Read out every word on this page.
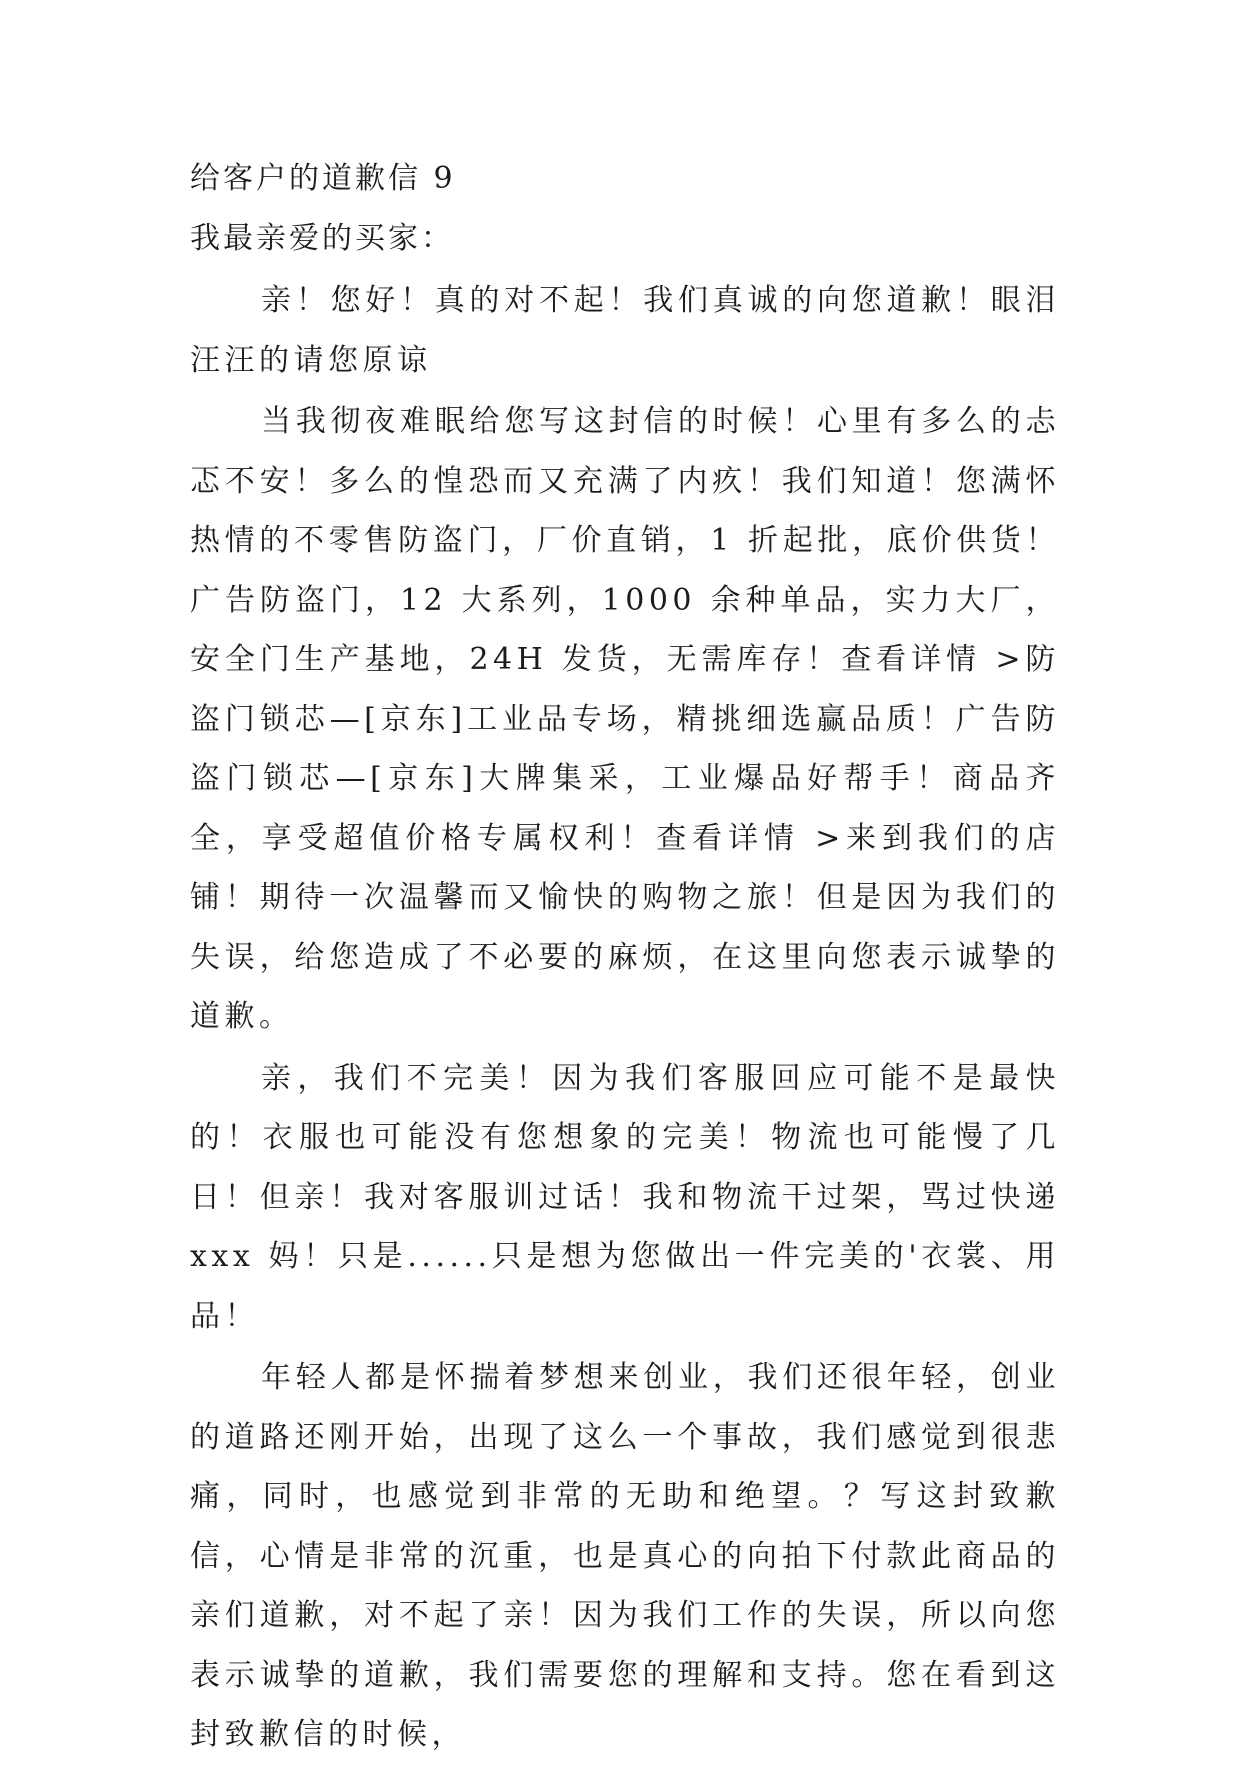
给客户的道歉信 9

我最亲爱的买家：

亲！您好！真的对不起！我们真诚的向您道歉！眼泪汪汪的请您原谅

当我彻夜难眠给您写这封信的时候！心里有多么的忐忑不安！多么的惶恐而又充满了内疚！我们知道！您满怀热情的不零售防盗门，厂价直销，1 折起批，底价供货！广告防盗门，12 大系列，1000 余种单品，实力大厂，安全门生产基地，24H 发货，无需库存！查看详情 >防盗门锁芯—[京东]工业品专场，精挑细选赢品质！广告防盗门锁芯—[京东]大牌集采，工业爆品好帮手！商品齐全，享受超值价格专属权利！查看详情 >来到我们的店铺！期待一次温馨而又愉快的购物之旅！但是因为我们的失误，给您造成了不必要的麻烦，在这里向您表示诚挚的道歉。

亲，我们不完美！因为我们客服回应可能不是最快的！衣服也可能没有您想象的完美！物流也可能慢了几日！但亲！我对客服训过话！我和物流干过架，骂过快递 xxx 妈！只是......只是想为您做出一件完美的'衣裳、用品！

年轻人都是怀揣着梦想来创业，我们还很年轻，创业的道路还刚开始，出现了这么一个事故，我们感觉到很悲痛，同时，也感觉到非常的无助和绝望。？写这封致歉信，心情是非常的沉重，也是真心的向拍下付款此商品的亲们道歉，对不起了亲！因为我们工作的失误，所以向您表示诚挚的道歉，我们需要您的理解和支持。您在看到这封致歉信的时候，
